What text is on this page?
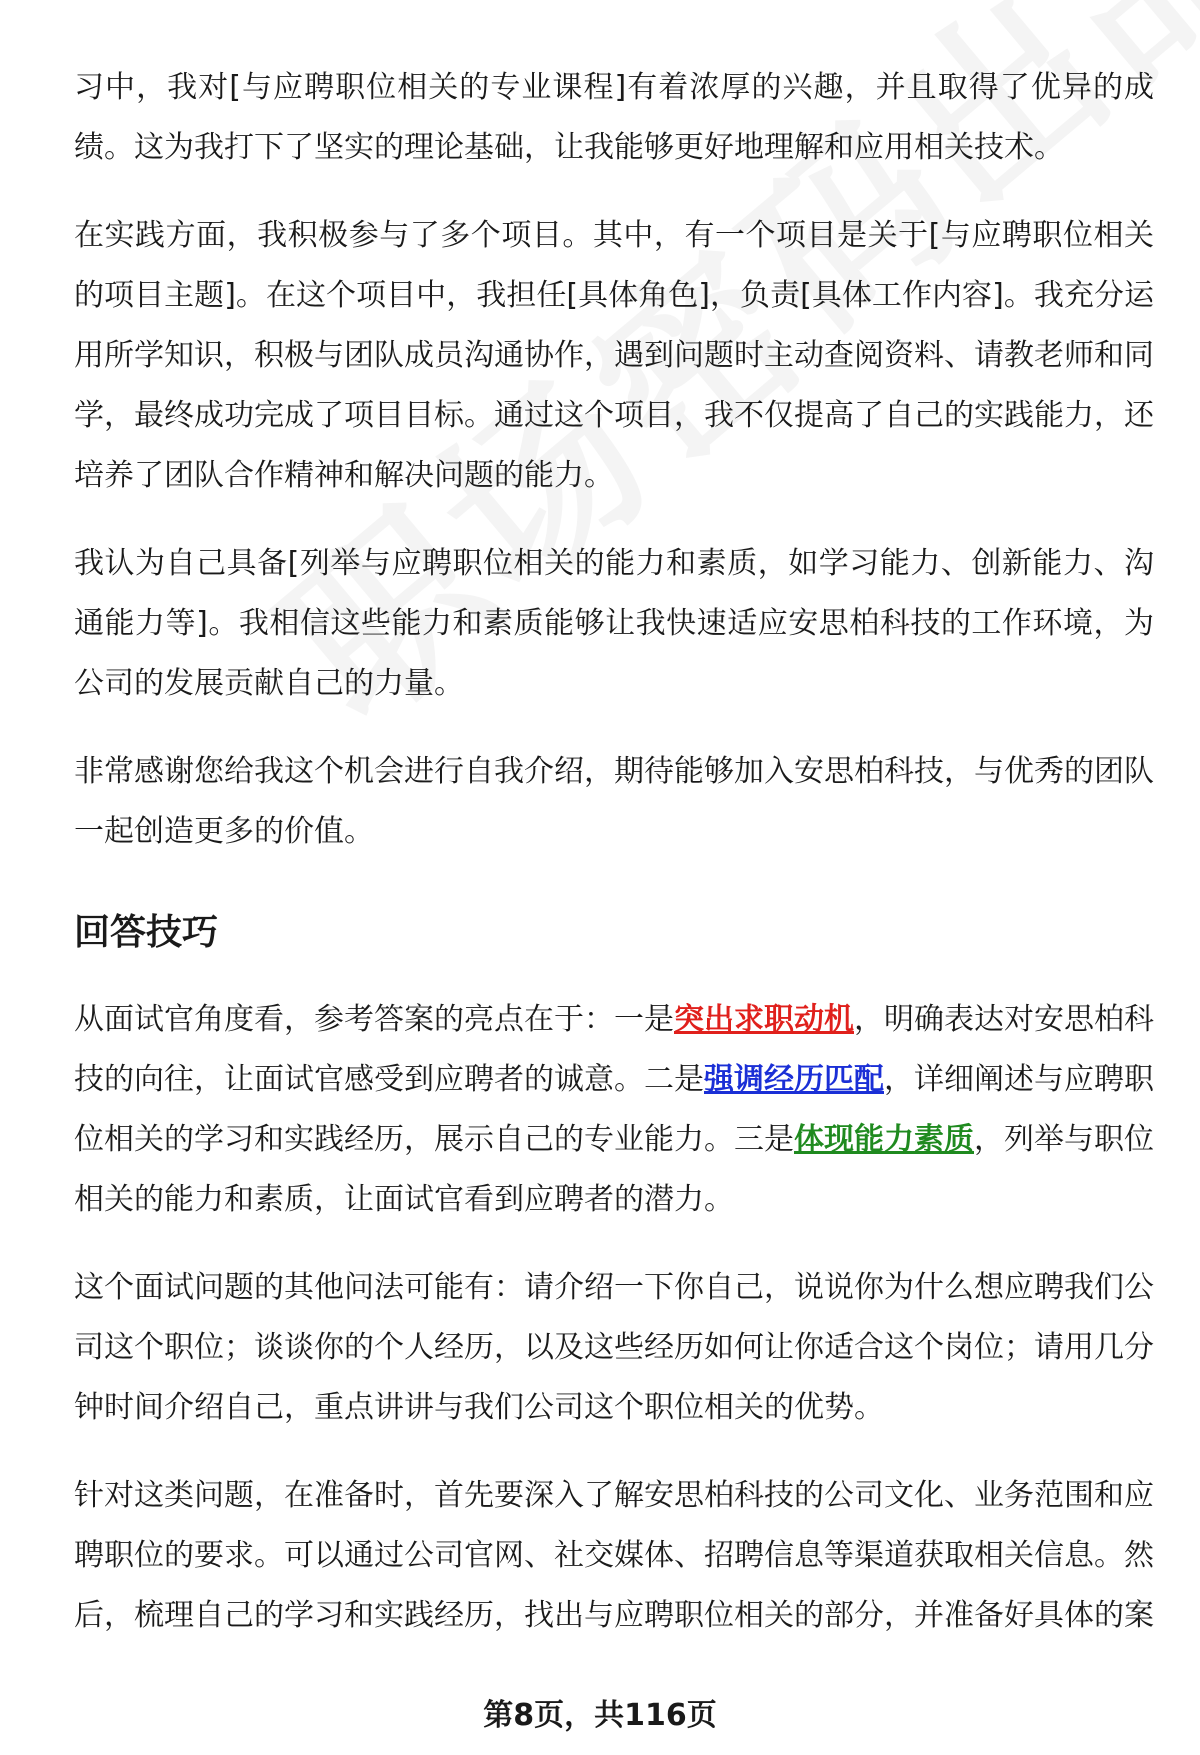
习中，我对[与应聘职位相关的专业课程]有着浓厚的兴趣，并且取得了优异的成绩。这为我打下了坚实的理论基础，让我能够更好地理解和应用相关技术。

在实践方面，我积极参与了多个项目。其中，有一个项目是关于[与应聘职位相关的项目主题]。在这个项目中，我担任[具体角色]，负责[具体工作内容]。我充分运用所学知识，积极与团队成员沟通协作，遇到问题时主动查阅资料、请教老师和同学，最终成功完成了项目目标。通过这个项目，我不仅提高了自己的实践能力，还培养了团队合作精神和解决问题的能力。

我认为自己具备[列举与应聘职位相关的能力和素质，如学习能力、创新能力、沟通能力等]。我相信这些能力和素质能够让我快速适应安思柏科技的工作环境，为公司的发展贡献自己的力量。

非常感谢您给我这个机会进行自我介绍，期待能够加入安思柏科技，与优秀的团队一起创造更多的价值。

回答技巧

从面试官角度看，参考答案的亮点在于：一是突出求职动机，明确表达对安思柏科技的向往，让面试官感受到应聘者的诚意。二是强调经历匹配，详细阐述与应聘职位相关的学习和实践经历，展示自己的专业能力。三是体现能力素质，列举与职位相关的能力和素质，让面试官看到应聘者的潜力。

这个面试问题的其他问法可能有：请介绍一下你自己，说说你为什么想应聘我们公司这个职位；谈谈你的个人经历，以及这些经历如何让你适合这个岗位；请用几分钟时间介绍自己，重点讲讲与我们公司这个职位相关的优势。

针对这类问题，在准备时，首先要深入了解安思柏科技的公司文化、业务范围和应聘职位的要求。可以通过公司官网、社交媒体、招聘信息等渠道获取相关信息。然后，梳理自己的学习和实践经历，找出与应聘职位相关的部分，并准备好具体的案

第8页，共116页
